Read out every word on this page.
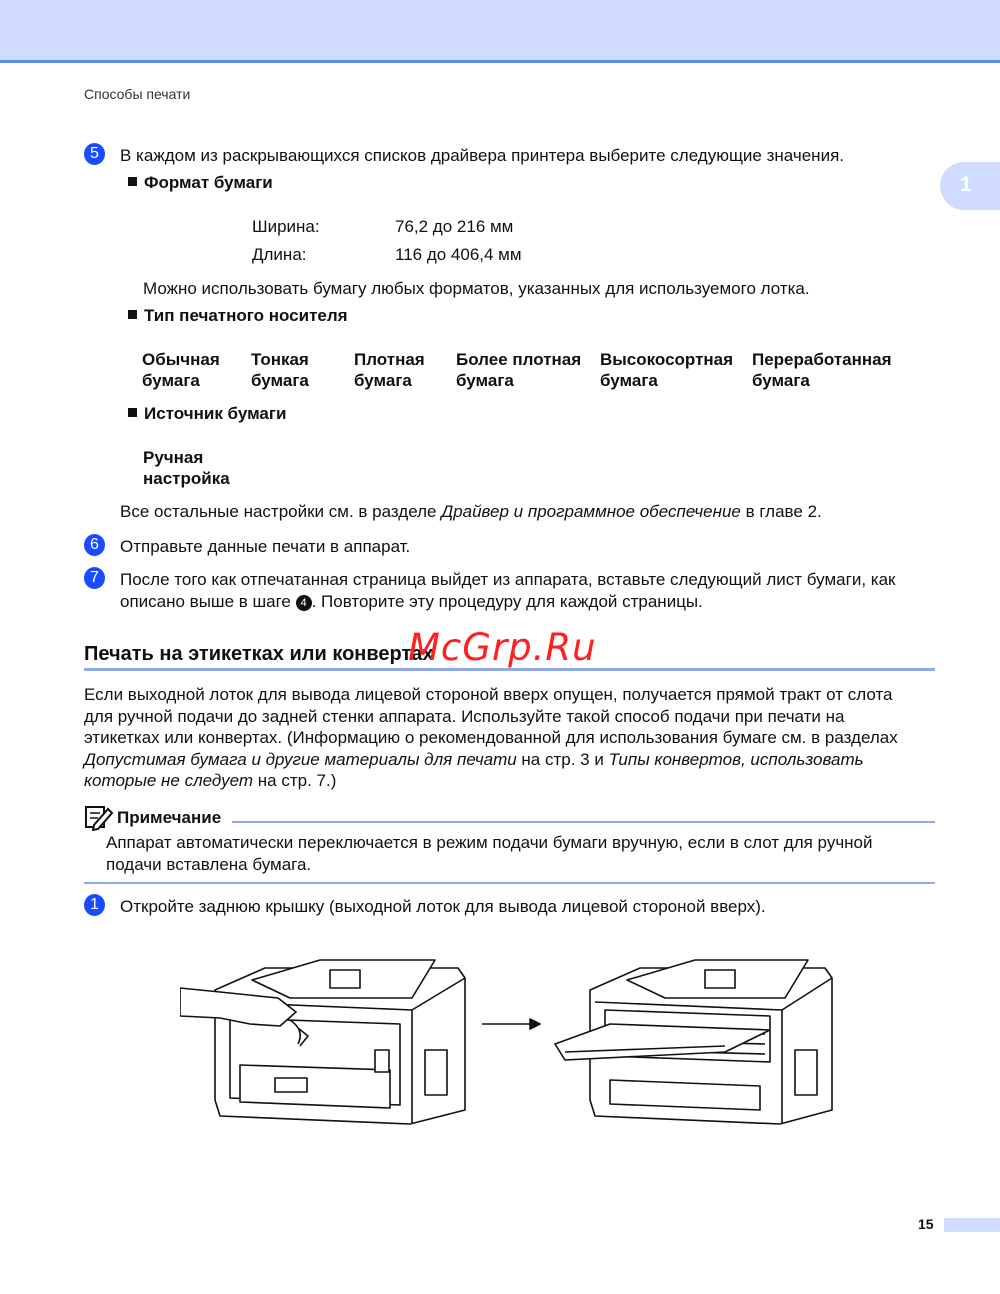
Способы печати
1
5	В каждом из раскрывающихся списков драйвера принтера выберите следующие значения.
Формат бумаги
Ширина:	76,2 до 216 мм
Длина:	116 до 406,4 мм
Можно использовать бумагу любых форматов, указанных для используемого лотка.
Тип печатного носителя
Обычная
бумага
Тонкая
бумага
Плотная
бумага
Более плотная
бумага
Высокосортная
бумага
Переработанная
бумага
Источник бумаги
Ручная
настройка
Все остальные настройки см. в разделе Драйвер и программное обеспечение в главе 2.
6	Отправьте данные печати в аппарат.
7	После того как отпечатанная страница выйдет из аппарата, вставьте следующий лист бумаги, как
описано выше в шаге 4 . Повторите эту процедуру для каждой страницы.
Печать на этикетках или конвертах
McGrp.Ru
Если выходной лоток для вывода лицевой стороной вверх опущен, получается прямой тракт от слота
для ручной подачи до задней стенки аппарата. Используйте такой способ подачи при печати на
этикетках или конвертах. (Информацию о рекомендованной для использования бумаге см. в разделах
Допустимая бумага и другие материалы для печати на стр. 3 и Типы конвертов, использовать
которые не следует на стр. 7.)
Примечание
Аппарат автоматически переключается в режим подачи бумаги вручную, если в слот для ручной
подачи вставлена бумага.
1	Откройте заднюю крышку (выходной лоток для вывода лицевой стороной вверх).
15
